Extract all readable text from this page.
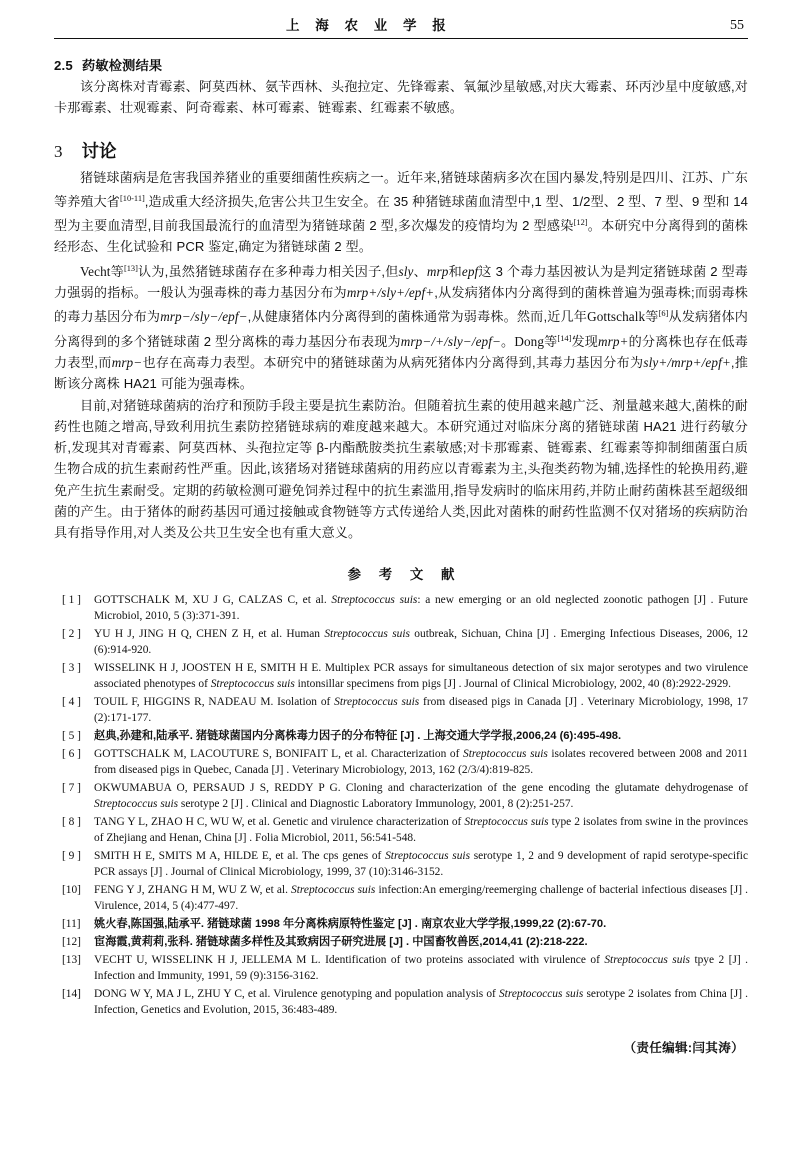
上 海 农 业 学 报	55
2.5 药敏检测结果

该分离株对青霉素、阿莫西林、氨苄西林、头孢拉定、先锋霉素、氧氟沙星敏感,对庆大霉素、环丙沙星中度敏感,对卡那霉素、壮观霉素、阿奇霉素、林可霉素、链霉素、红霉素不敏感。

3 讨论

猪链球菌病是危害我国养猪业的重要细菌性疾病之一。近年来,猪链球菌病多次在国内暴发,特别是四川、江苏、广东等养殖大省[10-11],造成重大经济损失,危害公共卫生安全。在 35 种猪链球菌血清型中,1 型、1/2型、2 型、7 型、9 型和 14 型为主要血清型,目前我国最流行的血清型为猪链球菌 2 型,多次爆发的疫情均为 2 型感染[12]。本研究中分离得到的菌株经形态、生化试验和 PCR 鉴定,确定为猪链球菌 2 型。

Vecht等[13]认为,虽然猪链球菌存在多种毒力相关因子,但sly、mrp和epf这 3 个毒力基因被认为是判定猪链球菌 2 型毒力强弱的指标。一般认为强毒株的毒力基因分布为mrp+/sly+/epf+,从发病猪体内分离得到的菌株普遍为强毒株;而弱毒株的毒力基因分布为mrp−/sly−/epf−,从健康猪体内分离得到的菌株通常为弱毒株。然而,近几年Gottschalk等[6]从发病猪体内分离得到的多个猪链球菌 2 型分离株的毒力基因分布表现为mrp−/+/sly−/epf−。Dong等[14]发现mrp+的分离株也存在低毒力表型,而mrp−也存在高毒力表型。本研究中的猪链球菌为从病死猪体内分离得到,其毒力基因分布为sly+/mrp+/epf+,推断该分离株 HA21 可能为强毒株。

目前,对猪链球菌病的治疗和预防手段主要是抗生素防治。但随着抗生素的使用越来越广泛、剂量越来越大,菌株的耐药性也随之增高,导致利用抗生素防控猪链球病的难度越来越大。本研究通过对临床分离的猪链球菌 HA21 进行药敏分析,发现其对青霉素、阿莫西林、头孢拉定等 β-内酯酰胺类抗生素敏感;对卡那霉素、链霉素、红霉素等抑制细菌蛋白质生物合成的抗生素耐药性严重。因此,该猪场对猪链球菌病的用药应以青霉素为主,头孢类药物为辅,选择性的轮换用药,避免产生抗生素耐受。定期的药敏检测可避免饲养过程中的抗生素滥用,指导发病时的临床用药,并防止耐药菌株甚至超级细菌的产生。由于猪体的耐药基因可通过接触或食物链等方式传递给人类,因此对菌株的耐药性监测不仅对猪场的疾病防治具有指导作用,对人类及公共卫生安全也有重大意义。

参 考 文 献
[ 1 ]	GOTTSCHALK M, XU J G, CALZAS C, et al. Streptococcus suis: a new emerging or an old neglected zoonotic pathogen [J] . Future Microbiol, 2010, 5 (3):371-391.
[ 2 ]	YU H J, JING H Q, CHEN Z H, et al. Human Streptococcus suis outbreak, Sichuan, China [J] . Emerging Infectious Diseases, 2006, 12 (6):914-920.
[ 3 ]	WISSELINK H J, JOOSTEN H E, SMITH H E. Multiplex PCR assays for simultaneous detection of six major serotypes and two virulence associated phenotypes of Streptococcus suis intonsillar specimens from pigs [J] . Journal of Clinical Microbiology, 2002, 40 (8):2922-2929.
[ 4 ]	TOUIL F, HIGGINS R, NADEAU M. Isolation of Streptococcus suis from diseased pigs in Canada [J] . Veterinary Microbiology, 1998, 17 (2):171-177.
[ 5 ]	赵典,孙建和,陆承平. 猪链球菌国内分离株毒力因子的分布特征 [J] . 上海交通大学学报,2006,24 (6):495-498.
[ 6 ]	GOTTSCHALK M, LACOUTURE S, BONIFAIT L, et al. Characterization of Streptococcus suis isolates recovered between 2008 and 2011 from diseased pigs in Quebec, Canada [J] . Veterinary Microbiology, 2013, 162 (2/3/4):819-825.
[ 7 ]	OKWUMABUA O, PERSAUD J S, REDDY P G. Cloning and characterization of the gene encoding the glutamate dehydrogenase of Streptococcus suis serotype 2 [J] . Clinical and Diagnostic Laboratory Immunology, 2001, 8 (2):251-257.
[ 8 ]	TANG Y L, ZHAO H C, WU W, et al. Genetic and virulence characterization of Streptococcus suis type 2 isolates from swine in the provinces of Zhejiang and Henan, China [J] . Folia Microbiol, 2011, 56:541-548.
[ 9 ]	SMITH H E, SMITS M A, HILDE E, et al. The cps genes of Streptococcus suis serotype 1, 2 and 9 development of rapid serotype-specific PCR assays [J] . Journal of Clinical Microbiology, 1999, 37 (10):3146-3152.
[10]	FENG Y J, ZHANG H M, WU Z W, et al. Streptococcus suis infection:An emerging/reemerging challenge of bacterial infectious diseases [J] . Virulence, 2014, 5 (4):477-497.
[11]	姚火春,陈国强,陆承平. 猪链球菌 1998 年分离株病原特性鉴定 [J] . 南京农业大学学报,1999,22 (2):67-70.
[12]	宦海霞,黄莉莉,张科. 猪链球菌多样性及其致病因子研究进展 [J] . 中国畜牧兽医,2014,41 (2):218-222.
[13]	VECHT U, WISSELINK H J, JELLEMA M L. Identification of two proteins associated with virulence of Streptococcus suis tpye 2 [J] . Infection and Immunity, 1991, 59 (9):3156-3162.
[14]	DONG W Y, MA J L, ZHU Y C, et al. Virulence genotyping and population analysis of Streptococcus suis serotype 2 isolates from China [J] . Infection, Genetics and Evolution, 2015, 36:483-489.
（责任编辑:闫其涛）
